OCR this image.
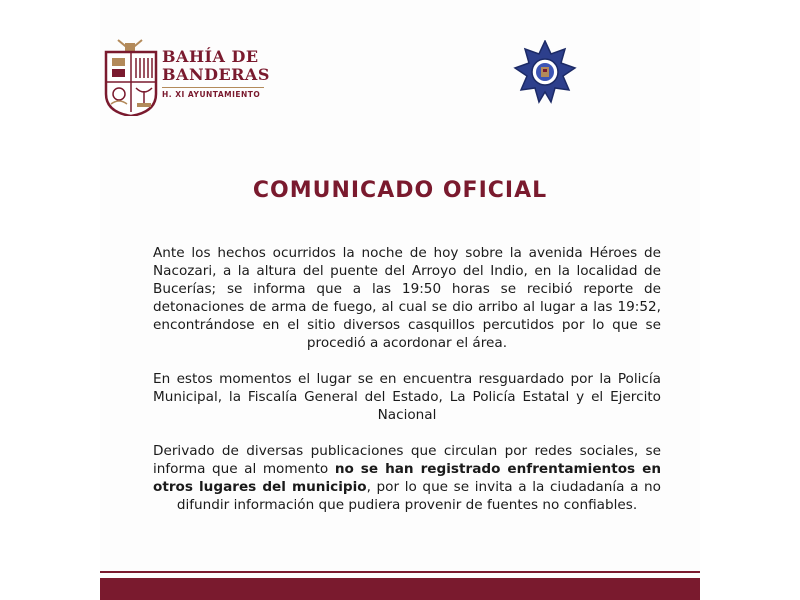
BAHÍA DE
BANDERAS
H. XI AYUNTAMIENTO
COMUNICADO OFICIAL

Ante los hechos ocurridos la noche de hoy sobre la avenida Héroes de Nacozari, a la altura del puente del Arroyo del Indio, en la localidad de Bucerías; se informa que a las 19:50 horas se recibió reporte de detonaciones de arma de fuego, al cual se dio arribo al lugar a las 19:52, encontrándose en el sitio diversos casquillos percutidos por lo que se procedió a acordonar el área.

En estos momentos el lugar se en encuentra resguardado por la Policía Municipal, la Fiscalía General del Estado, La Policía Estatal y el Ejercito Nacional

Derivado de diversas publicaciones que circulan por redes sociales, se informa que al momento no se han registrado enfrentamientos en otros lugares del municipio, por lo que se invita a la ciudadanía a no difundir información que pudiera provenir de fuentes no confiables.
